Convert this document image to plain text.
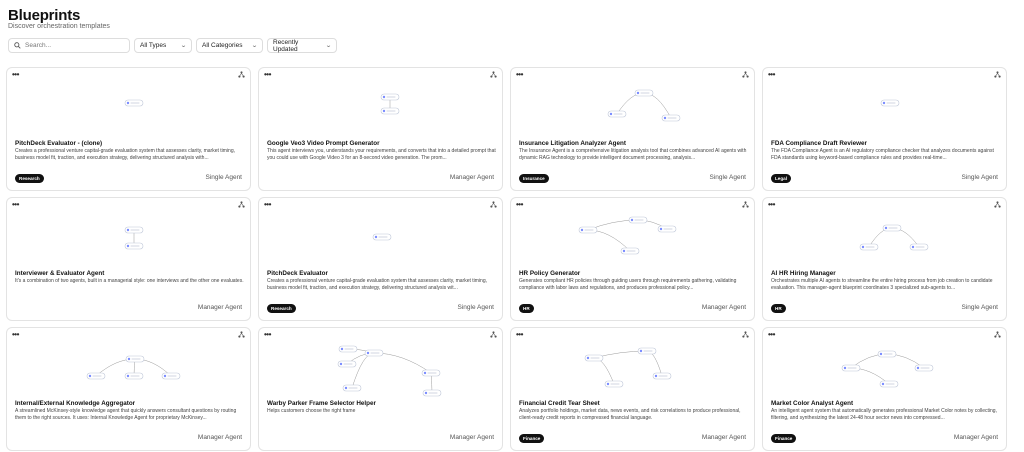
Blueprints
Discover orchestration templates
Search...
All Types ⌄ All Categories ⌄
Recently Updated	⌄
•••
PitchDeck Evaluator - (clone)
Creates a professional venture capital-grade evaluation system that assesses clarity, market timing, business model fit, traction, and execution strategy, delivering structured analysis with...
Research	Single Agent
•••
Google Veo3 Video Prompt Generator
This agent interviews you, understands your requirements, and converts that into a detailed prompt that you could use with Google Video 3 for an 8-second video generation. The prom...
Manager Agent
•••
Insurance Litigation Analyzer Agent
The Insurance Agent is a comprehensive litigation analysis tool that combines advanced AI agents with dynamic RAG technology to provide intelligent document processing, analysis...
Insurance	Single Agent
•••
FDA Compliance Draft Reviewer
The FDA Compliance Agent is an AI regulatory compliance checker that analyzes documents against FDA standards using keyword-based compliance rules and provides real-time...
Legal	Single Agent
•••
Interviewer & Evaluator Agent
It's a combination of two agents, built in a managerial style: one interviews and the other one evaluates.
Manager Agent
•••
PitchDeck Evaluator
Creates a professional venture capital-grade evaluation system that assesses clarity, market timing, business model fit, traction, and execution strategy, delivering structured analysis wit...
Research	Single Agent
•••
HR Policy Generator
Generates compliant HR policies through guiding users through requirements gathering, validating compliance with labor laws and regulations, and produces professional policy...
HR	Manager Agent
•••
AI HR Hiring Manager
Orchestrates multiple AI agents to streamline the entire hiring process from job creation to candidate evaluation. This manager-agent blueprint coordinates 3 specialized sub-agents to...
HR	Single Agent
•••
Internal/External Knowledge Aggregator
A streamlined McKinsey-style knowledge agent that quickly answers consultant questions by routing them to the right sources. It uses: Internal Knowledge Agent for proprietary McKinsey...
Manager Agent
•••
Warby Parker Frame Selector Helper
Helps customers choose the right frame
Manager Agent
•••
Financial Credit Tear Sheet
Analyzes portfolio holdings, market data, news events, and risk correlations to produce professional, client-ready credit reports in compressed financial language.
Finance	Manager Agent
•••
Market Color Analyst Agent
An intelligent agent system that automatically generates professional Market Color notes by collecting, filtering, and synthesizing the latest 24-48 hour sector news into compressed...
Finance	Manager Agent
